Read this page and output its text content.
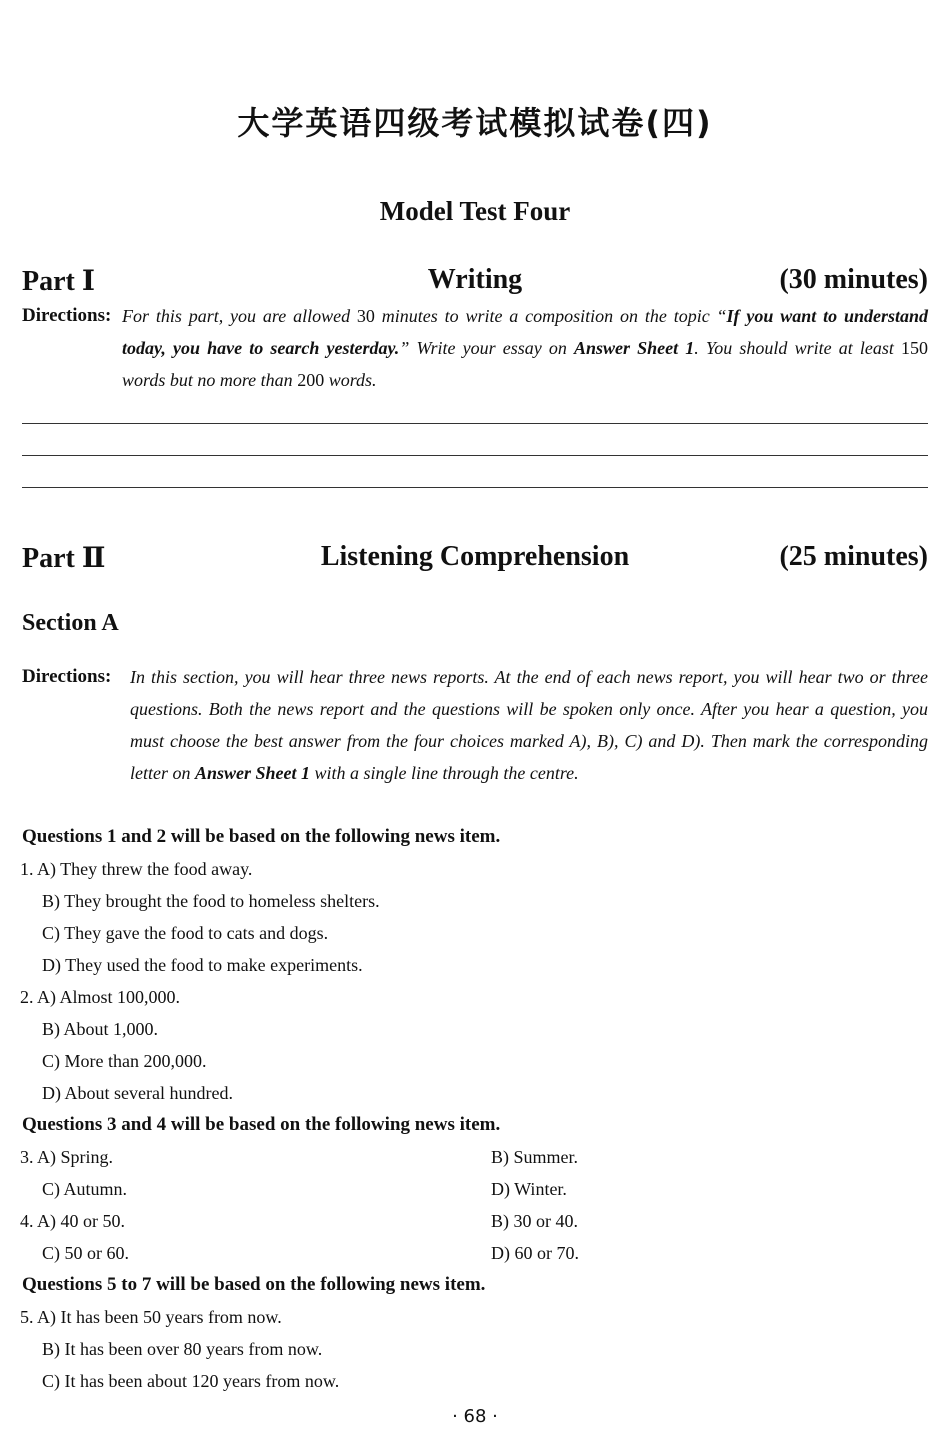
大学英语四级考试模拟试卷(四)
Model Test Four
Part Ⅰ	Writing	(30 minutes)
Directions: For this part, you are allowed 30 minutes to write a composition on the topic “If you want to understand today, you have to search yesterday.” Write your essay on Answer Sheet 1. You should write at least 150 words but no more than 200 words.
Part Ⅱ	Listening Comprehension	(25 minutes)
Section A
Directions: In this section, you will hear three news reports. At the end of each news report, you will hear two or three questions. Both the news report and the questions will be spoken only once. After you hear a question, you must choose the best answer from the four choices marked A), B), C) and D). Then mark the corresponding letter on Answer Sheet 1 with a single line through the centre.
Questions 1 and 2 will be based on the following news item.
1. A) They threw the food away.
B) They brought the food to homeless shelters.
C) They gave the food to cats and dogs.
D) They used the food to make experiments.
2. A) Almost 100,000.
B) About 1,000.
C) More than 200,000.
D) About several hundred.
Questions 3 and 4 will be based on the following news item.
3. A) Spring.	B) Summer.
C) Autumn.	D) Winter.
4. A) 40 or 50.	B) 30 or 40.
C) 50 or 60.	D) 60 or 70.
Questions 5 to 7 will be based on the following news item.
5. A) It has been 50 years from now.
B) It has been over 80 years from now.
C) It has been about 120 years from now.
· 68 ·
